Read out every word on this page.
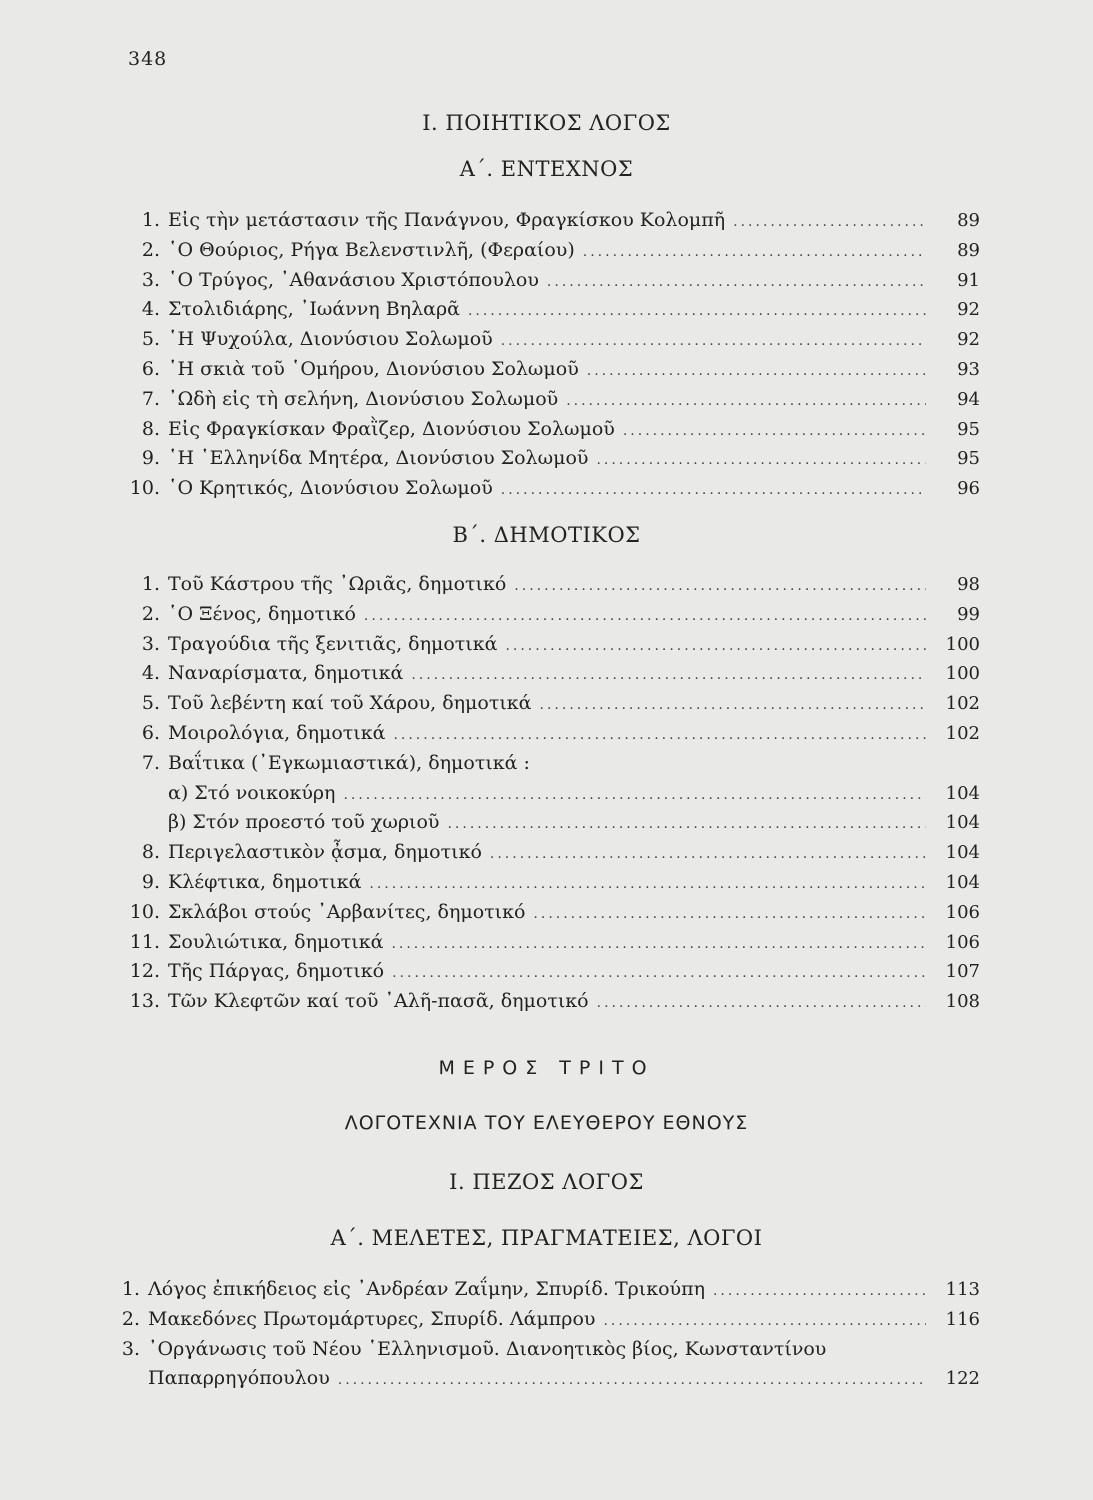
348
Ι. ΠΟΙΗΤΙΚΟΣ ΛΟΓΟΣ
Α΄. ΕΝΤΕΧΝΟΣ
1. Εἰς τὴν μετάστασιν τῆς Πανάγνου, Φραγκίσκου Κολομπῆ .....	89
2. ῾Ο Θούριος, Ρήγα Βελενστινλῆ, (Φεραίου) .....	89
3. ῾Ο Τρύγος, ᾿Αθανάσιου Χριστόπουλου .....	91
4. Στολιδιάρης, ᾿Ιωάννη Βηλαρᾶ .....	92
5. ῾Η Ψυχούλα, Διονύσιου Σολωμοῦ .....	92
6. ῾Η σκιὰ τοῦ ῾Ομήρου, Διονύσιου Σολωμοῦ .....	93
7. ᾿Ωδὴ εἰς τὴ σελήνη, Διονύσιου Σολωμοῦ .....	94
8. Εἰς Φραγκίσκαν Φραῒζερ, Διονύσιου Σολωμοῦ .....	95
9. ῾Η ῾Ελληνίδα Μητέρα, Διονύσιου Σολωμοῦ .....	95
10. ῾Ο Κρητικός, Διονύσιου Σολωμοῦ .....	96
Β΄. ΔΗΜΟΤΙΚΟΣ
1. Τοῦ Κάστρου τῆς ᾿Ωριᾶς, δημοτικό .....	98
2. ῾Ο Ξένος, δημοτικό .....	99
3. Τραγούδια τῆς ξενιτιᾶς, δημοτικά .....	100
4. Ναναρίσματα, δημοτικά .....	100
5. Τοῦ λεβέντη καί τοῦ Χάρου, δημοτικά .....	102
6. Μοιρολόγια, δημοτικά .....	102
7. Βαΐτικα (᾿Εγκωμιαστικά), δημοτικά :
α) Στό νοικοκύρη .....	104
β) Στόν προεστό τοῦ χωριοῦ .....	104
8. Περιγελαστικὸν ᾆσμα, δημοτικό .....	104
9. Κλέφτικα, δημοτικά .....	104
10. Σκλάβοι στούς ᾿Αρβανίτες, δημοτικό .....	106
11. Σουλιώτικα, δημοτικά .....	106
12. Τῆς Πάργας, δημοτικό .....	107
13. Τῶν Κλεφτῶν καί τοῦ ᾿Αλῆ-πασᾶ, δημοτικό .....	108
ΜΕΡΟΣ ΤΡΙΤΟ
ΛΟΓΟΤΕΧΝΙΑ ΤΟΥ ΕΛΕΥΘΕΡΟΥ ΕΘΝΟΥΣ
Ι. ΠΕΖΟΣ ΛΟΓΟΣ
Α΄. ΜΕΛΕΤΕΣ, ΠΡΑΓΜΑΤΕΙΕΣ, ΛΟΓΟΙ
1. Λόγος ἐπικήδειος εἰς ᾿Ανδρέαν Ζαΐμην, Σπυρίδ. Τρικούπη .....	113
2. Μακεδόνες Πρωτομάρτυρες, Σπυρίδ. Λάμπρου .....	116
3. ᾿Οργάνωσις τοῦ Νέου ῾Ελληνισμοῦ. Διανοητικὸς βίος, Κωνσταντίνου
Παπαρρηγόπουλου .....	122
